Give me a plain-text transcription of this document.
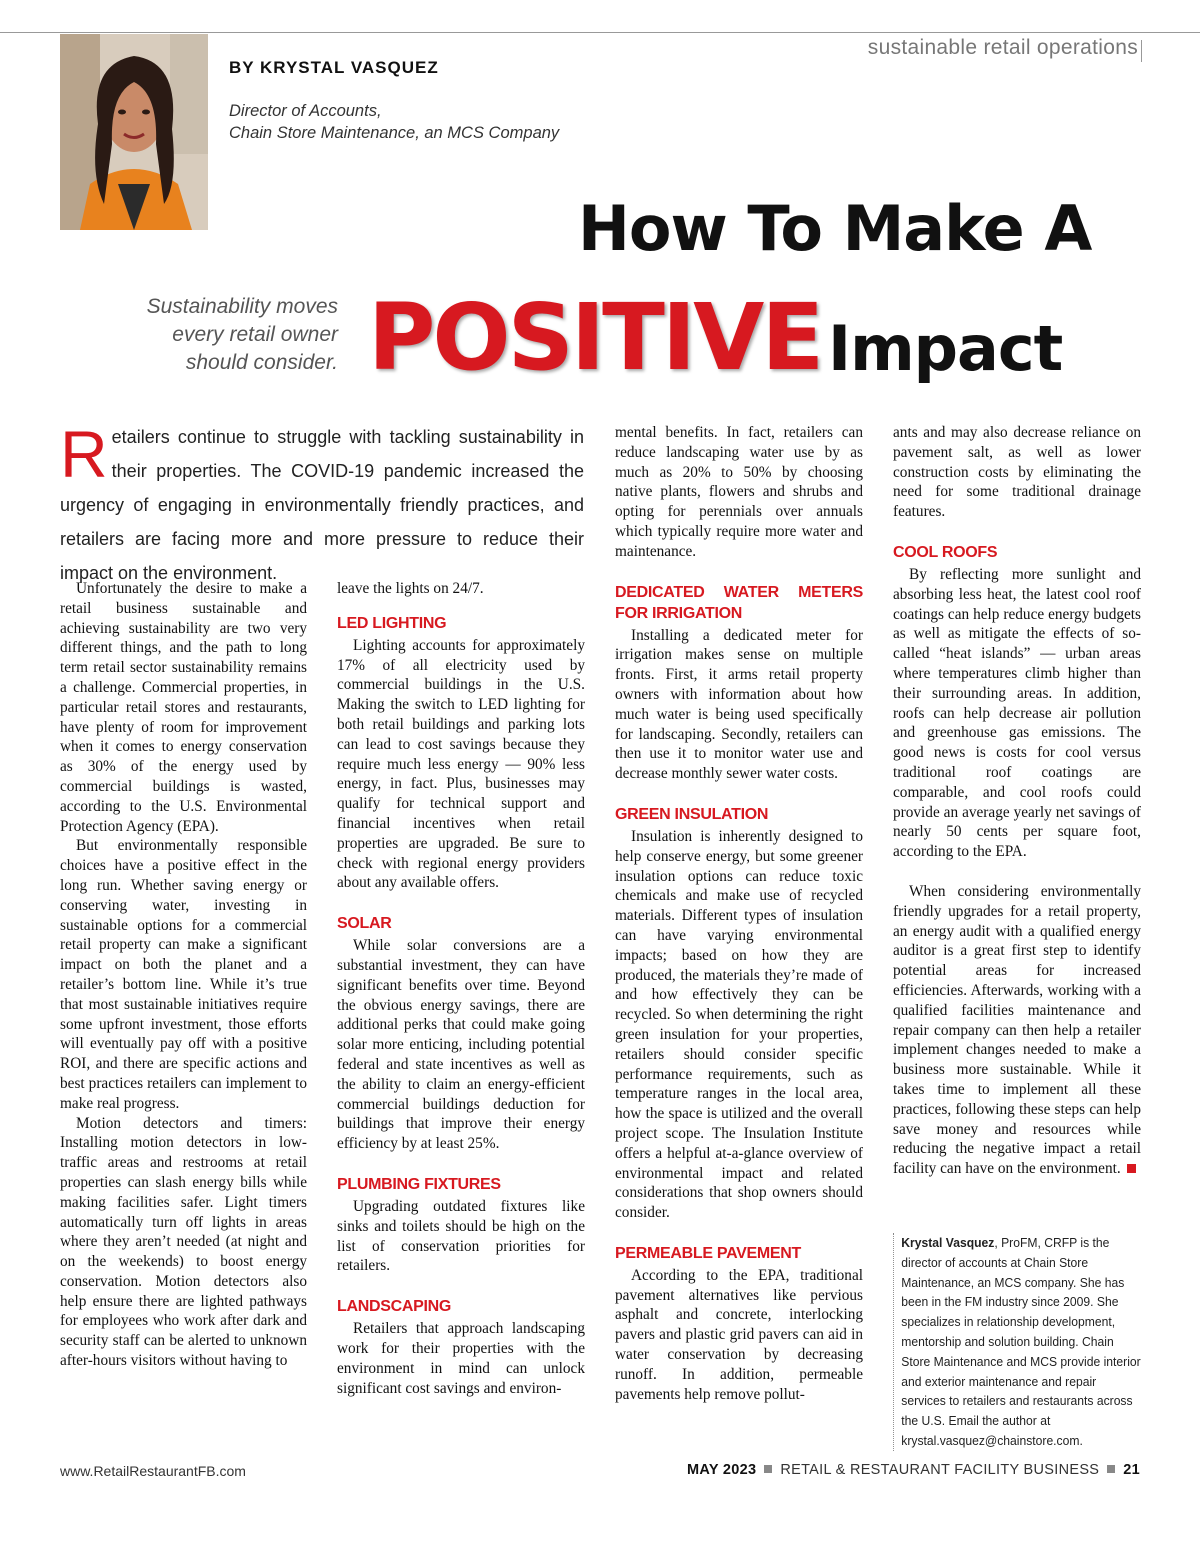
sustainable retail operations
BY KRYSTAL VASQUEZ
Director of Accounts,
Chain Store Maintenance, an MCS Company
How To Make A
POSITIVE Impact
Sustainability moves
every retail owner
should consider.
Retailers continue to struggle with tackling sustainability in their properties. The COVID-19 pandemic increased the urgency of engaging in environmentally friendly practices, and retailers are facing more and more pressure to reduce their impact on the environment.

Unfortunately the desire to make a retail business sustainable and achieving sustainability are two very different things, and the path to long term retail sector sustainability remains a challenge. Commercial properties, in particular retail stores and restaurants, have plenty of room for improvement when it comes to energy conservation as 30% of the energy used by commercial buildings is wasted, according to the U.S. Environmental Protection Agency (EPA).

But environmentally responsible choices have a positive effect in the long run. Whether saving energy or conserving water, investing in sustainable options for a commercial retail property can make a significant impact on both the planet and a retailer’s bottom line. While it’s true that most sustainable initiatives require some upfront investment, those efforts will eventually pay off with a positive ROI, and there are specific actions and best practices retailers can implement to make real progress.

Motion detectors and timers: Installing motion detectors in low-traffic areas and restrooms at retail properties can slash energy bills while making facilities safer. Light timers automatically turn off lights in areas where they aren’t needed (at night and on the weekends) to boost energy conservation. Motion detectors also help ensure there are lighted pathways for employees who work after dark and security staff can be alerted to unknown after-hours visitors without having to

leave the lights on 24/7.

LED LIGHTING

Lighting accounts for approximately 17% of all electricity used by commercial buildings in the U.S. Making the switch to LED lighting for both retail buildings and parking lots can lead to cost savings because they require much less energy — 90% less energy, in fact. Plus, businesses may qualify for technical support and financial incentives when retail properties are upgraded. Be sure to check with regional energy providers about any available offers.

SOLAR

While solar conversions are a substantial investment, they can have significant benefits over time. Beyond the obvious energy savings, there are additional perks that could make going solar more enticing, including potential federal and state incentives as well as the ability to claim an energy-efficient commercial buildings deduction for buildings that improve their energy efficiency by at least 25%.

PLUMBING FIXTURES

Upgrading outdated fixtures like sinks and toilets should be high on the list of conservation priorities for retailers.

LANDSCAPING

Retailers that approach landscaping work for their properties with the environment in mind can unlock significant cost savings and environ-

mental benefits. In fact, retailers can reduce landscaping water use by as much as 20% to 50% by choosing native plants, flowers and shrubs and opting for perennials over annuals which typically require more water and maintenance.

DEDICATED WATER METERS FOR IRRIGATION

Installing a dedicated meter for irrigation makes sense on multiple fronts. First, it arms retail property owners with information about how much water is being used specifically for landscaping. Secondly, retailers can then use it to monitor water use and decrease monthly sewer water costs.

GREEN INSULATION

Insulation is inherently designed to help conserve energy, but some greener insulation options can reduce toxic chemicals and make use of recycled materials. Different types of insulation can have varying environmental impacts; based on how they are produced, the materials they’re made of and how effectively they can be recycled. So when determining the right green insulation for your properties, retailers should consider specific performance requirements, such as temperature ranges in the local area, how the space is utilized and the overall project scope. The Insulation Institute offers a helpful at-a-glance overview of environmental impact and related considerations that shop owners should consider.

PERMEABLE PAVEMENT

According to the EPA, traditional pavement alternatives like pervious asphalt and concrete, interlocking pavers and plastic grid pavers can aid in water conservation by decreasing runoff. In addition, permeable pavements help remove pollut-

ants and may also decrease reliance on pavement salt, as well as lower construction costs by eliminating the need for some traditional drainage features.

COOL ROOFS

By reflecting more sunlight and absorbing less heat, the latest cool roof coatings can help reduce energy budgets as well as mitigate the effects of so-called “heat islands” — urban areas where temperatures climb higher than their surrounding areas. In addition, roofs can help decrease air pollution and greenhouse gas emissions. The good news is costs for cool versus traditional roof coatings are comparable, and cool roofs could provide an average yearly net savings of nearly 50 cents per square foot, according to the EPA.

When considering environmentally friendly upgrades for a retail property, an energy audit with a qualified energy auditor is a great first step to identify potential areas for increased efficiencies. Afterwards, working with a qualified facilities maintenance and repair company can then help a retailer implement changes needed to make a business more sustainable. While it takes time to implement all these practices, following these steps can help save money and resources while reducing the negative impact a retail facility can have on the environment.

Krystal Vasquez, ProFM, CRFP is the director of accounts at Chain Store Maintenance, an MCS company. She has been in the FM industry since 2009. She specializes in relationship development, mentorship and solution building. Chain Store Maintenance and MCS provide interior and exterior maintenance and repair services to retailers and restaurants across the U.S. Email the author at krystal.vasquez@chainstore.com.
www.RetailRestaurantFB.com	MAY 2023 RETAIL & RESTAURANT FACILITY BUSINESS 21
